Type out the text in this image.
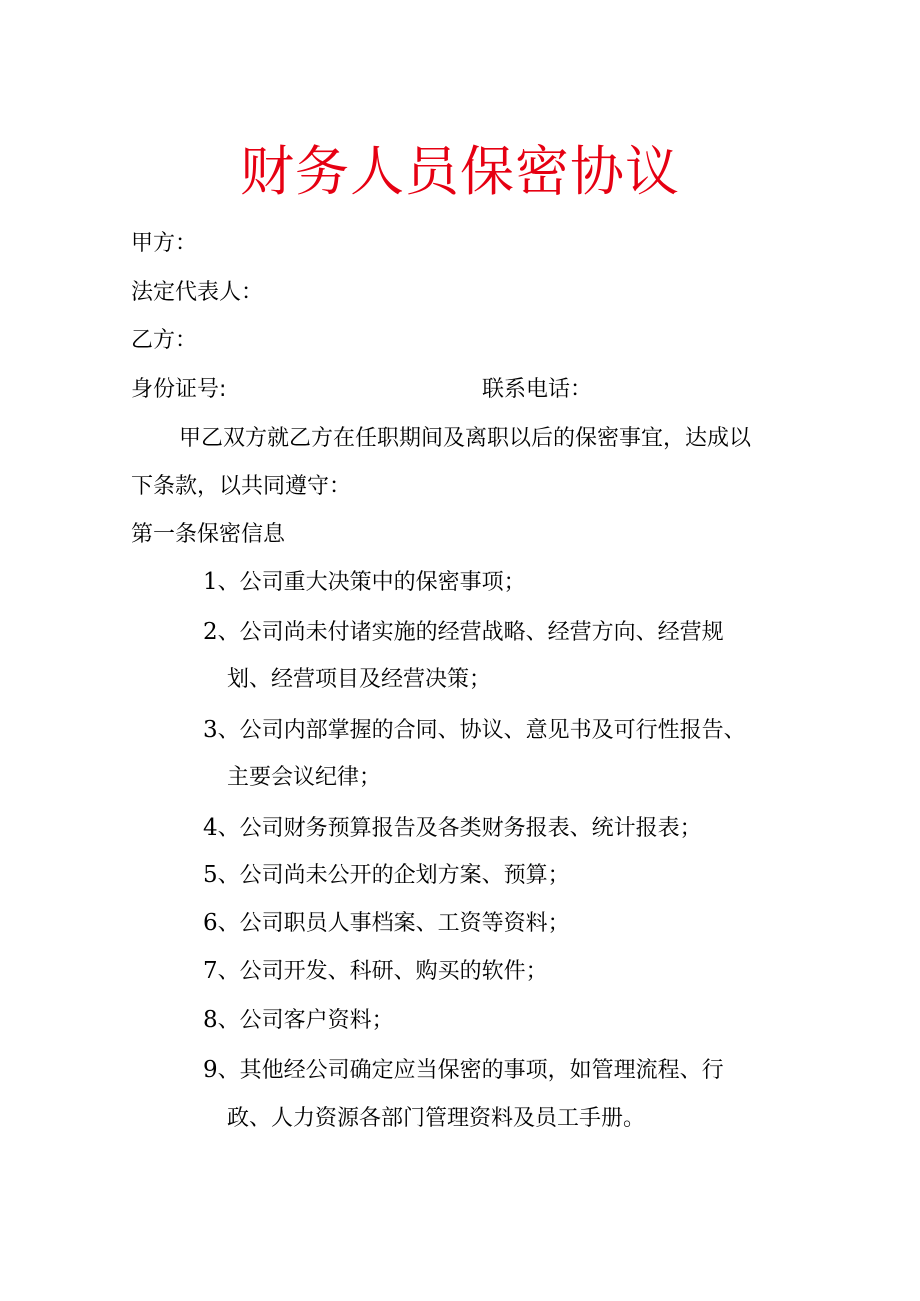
财务人员保密协议
甲方：
法定代表人：
乙方：
身份证号:	联系电话：
甲乙双方就乙方在任职期间及离职以后的保密事宜，达成以
下条款，以共同遵守：
第一条保密信息
1、公司重大决策中的保密事项；
2、公司尚未付诸实施的经营战略、经营方向、经营规
划、经营项目及经营决策；
3、公司内部掌握的合同、协议、意见书及可行性报告、
主要会议纪律；
4、公司财务预算报告及各类财务报表、统计报表；
5、公司尚未公开的企划方案、预算；
6、公司职员人事档案、工资等资料；
7、公司开发、科研、购买的软件；
8、公司客户资料；
9、其他经公司确定应当保密的事项，如管理流程、行
政、人力资源各部门管理资料及员工手册。
